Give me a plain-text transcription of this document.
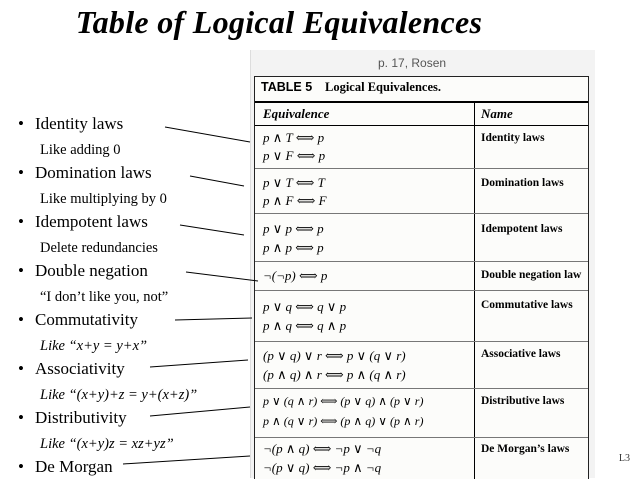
Table of Logical Equivalences
• Identity laws
Like adding 0
• Domination laws
Like multiplying by 0
• Idempotent laws
Delete redundancies
• Double negation
“I don’t like you, not”
• Commutativity
Like “x+y = y+x”
• Associativity
Like “(x+y)+z = y+(x+z)”
• Distributivity
Like “(x+y)z = xz+yz”
• De Morgan
p. 17, Rosen
TABLE 5 Logical Equivalences.
Equivalence	Name
p ∧ T ⟺ p
p ∨ F ⟺ p
Identity laws
p ∨ T ⟺ T
p ∧ F ⟺ F
Domination laws
p ∨ p ⟺ p
p ∧ p ⟺ p
Idempotent laws
¬(¬p) ⟺ p	Double negation law
p ∨ q ⟺ q ∨ p
p ∧ q ⟺ q ∧ p
Commutative laws
(p ∨ q) ∨ r ⟺ p ∨ (q ∨ r)
(p ∧ q) ∧ r ⟺ p ∧ (q ∧ r)
Associative laws
p ∨ (q ∧ r) ⟺ (p ∨ q) ∧ (p ∨ r)
p ∧ (q ∨ r) ⟺ (p ∧ q) ∨ (p ∧ r)
Distributive laws
¬(p ∧ q) ⟺ ¬p ∨ ¬q
¬(p ∨ q) ⟺ ¬p ∧ ¬q
De Morgan’s laws
L3
